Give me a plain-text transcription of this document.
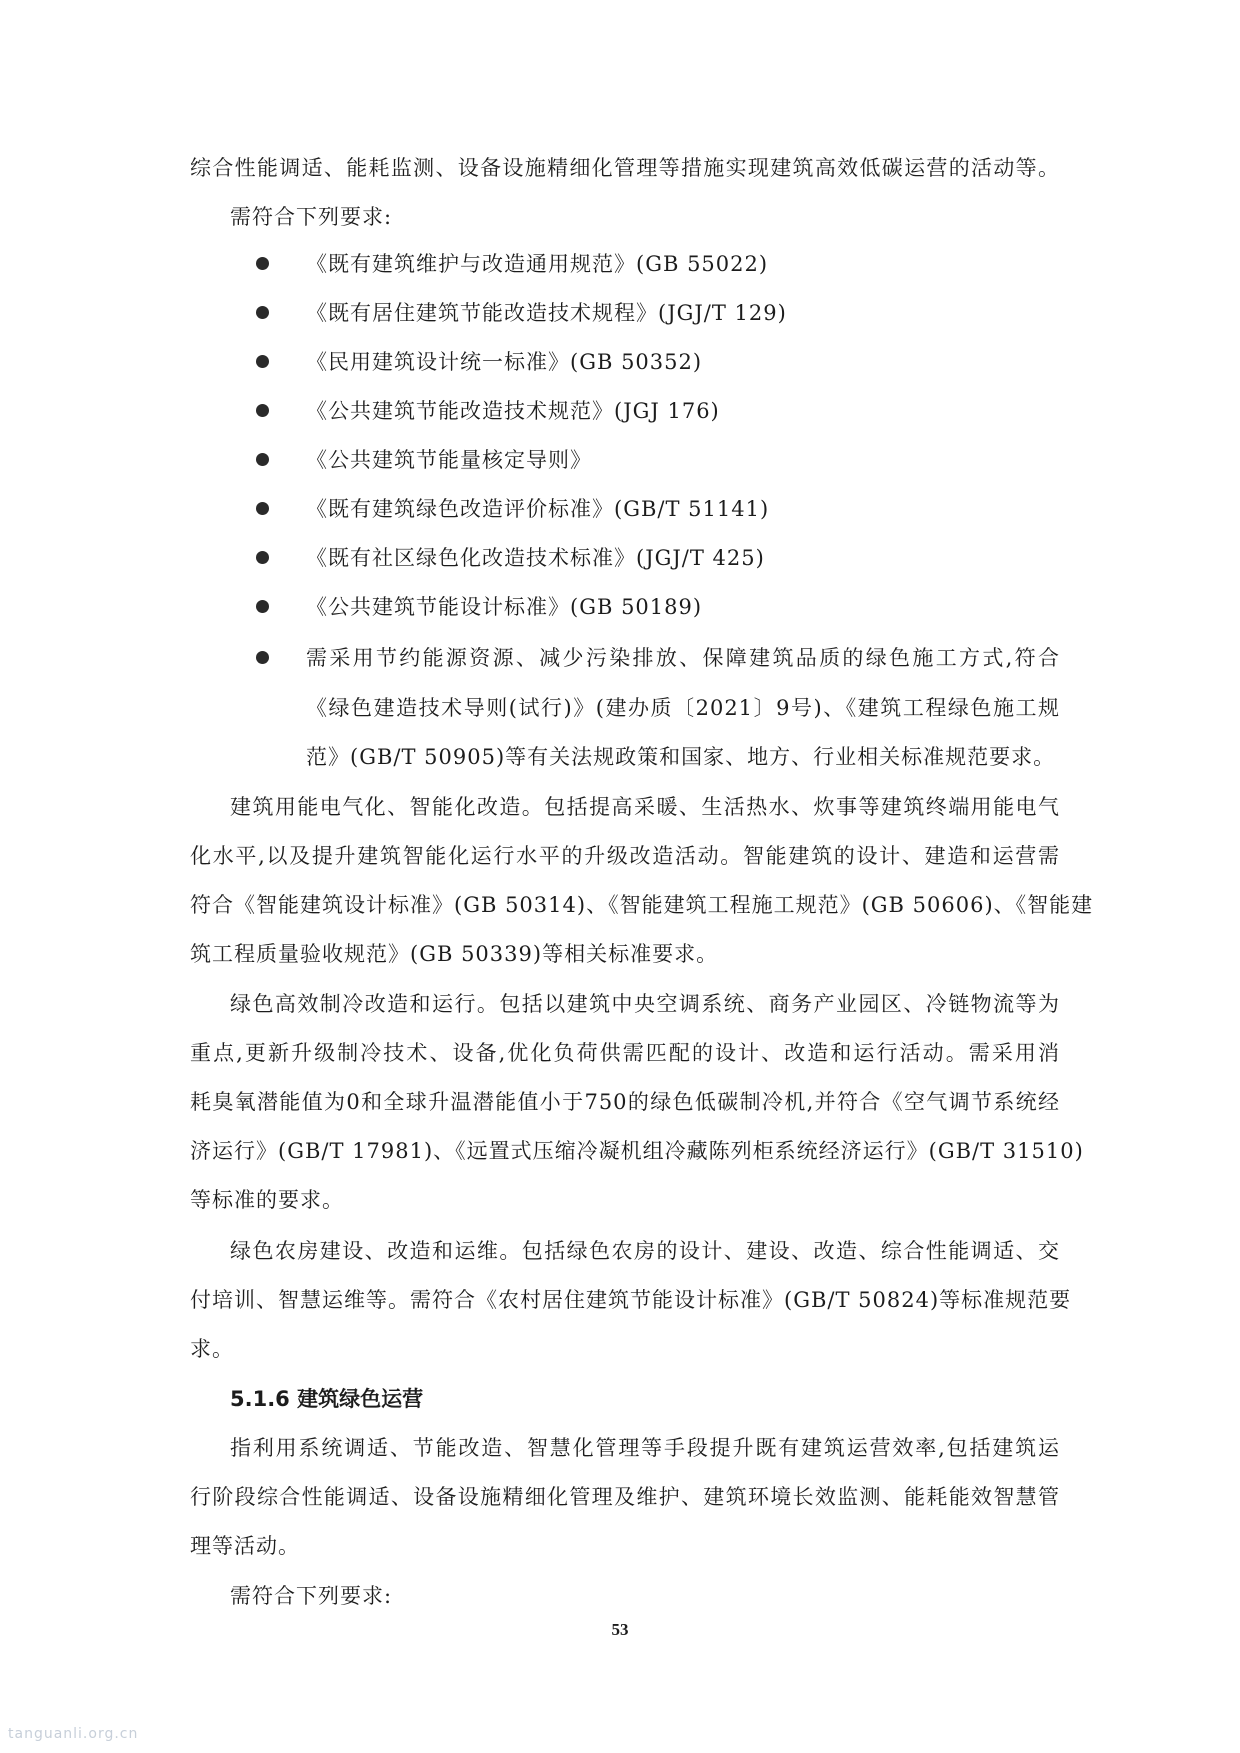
综合性能调适、能耗监测、设备设施精细化管理等措施实现建筑高效低碳运营的活动等。
需符合下列要求:
《既有建筑维护与改造通用规范》(GB 55022)
《既有居住建筑节能改造技术规程》(JGJ/T 129)
《民用建筑设计统一标准》(GB 50352)
《公共建筑节能改造技术规范》(JGJ 176)
《公共建筑节能量核定导则》
《既有建筑绿色改造评价标准》(GB/T 51141)
《既有社区绿色化改造技术标准》(JGJ/T 425)
《公共建筑节能设计标准》(GB 50189)
需采用节约能源资源、减少污染排放、保障建筑品质的绿色施工方式,符合
《绿色建造技术导则(试行)》(建办质〔2021〕9号)、《建筑工程绿色施工规
范》(GB/T 50905)等有关法规政策和国家、地方、行业相关标准规范要求。
建筑用能电气化、智能化改造。包括提高采暖、生活热水、炊事等建筑终端用能电气
化水平,以及提升建筑智能化运行水平的升级改造活动。智能建筑的设计、建造和运营需
符合《智能建筑设计标准》(GB 50314)、《智能建筑工程施工规范》(GB 50606)、《智能建
筑工程质量验收规范》(GB 50339)等相关标准要求。
绿色高效制冷改造和运行。包括以建筑中央空调系统、商务产业园区、冷链物流等为
重点,更新升级制冷技术、设备,优化负荷供需匹配的设计、改造和运行活动。需采用消
耗臭氧潜能值为0和全球升温潜能值小于750的绿色低碳制冷机,并符合《空气调节系统经
济运行》(GB/T 17981)、《远置式压缩冷凝机组冷藏陈列柜系统经济运行》(GB/T 31510)
等标准的要求。
绿色农房建设、改造和运维。包括绿色农房的设计、建设、改造、综合性能调适、交
付培训、智慧运维等。需符合《农村居住建筑节能设计标准》(GB/T 50824)等标准规范要
求。
5.1.6 建筑绿色运营
指利用系统调适、节能改造、智慧化管理等手段提升既有建筑运营效率,包括建筑运
行阶段综合性能调适、设备设施精细化管理及维护、建筑环境长效监测、能耗能效智慧管
理等活动。
需符合下列要求:
53
tanguanli.org.cn
